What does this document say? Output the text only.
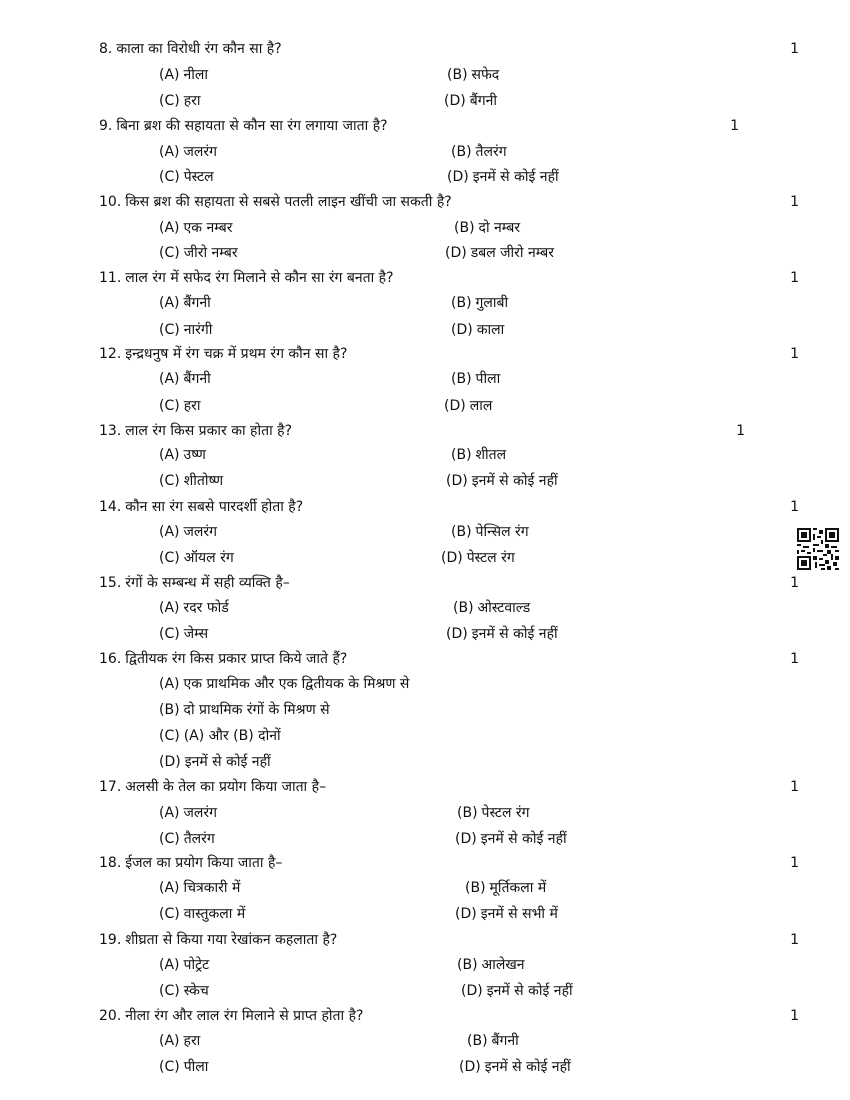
8. काला का विरोधी रंग कौन सा है?	1
(A) नीला	(B) सफेद
(C) हरा	(D) बैंगनी
9. बिना ब्रश की सहायता से कौन सा रंग लगाया जाता है?	1
(A) जलरंग	(B) तैलरंग
(C) पेस्टल	(D) इनमें से कोई नहीं
10. किस ब्रश की सहायता से सबसे पतली लाइन खींची जा सकती है?	1
(A) एक नम्बर	(B) दो नम्बर
(C) जीरो नम्बर	(D) डबल जीरो नम्बर
11. लाल रंग में सफेद रंग मिलाने से कौन सा रंग बनता है?	1
(A) बैंगनी	(B) गुलाबी
(C) नारंगी	(D) काला
12. इन्द्रधनुष में रंग चक्र में प्रथम रंग कौन सा है?	1
(A) बैंगनी	(B) पीला
(C) हरा	(D) लाल
13. लाल रंग किस प्रकार का होता है?	1
(A) उष्ण	(B) शीतल
(C) शीतोष्ण	(D) इनमें से कोई नहीं
14. कौन सा रंग सबसे पारदर्शी होता है?	1
(A) जलरंग	(B) पेन्सिल रंग
(C) ऑयल रंग	(D) पेस्टल रंग
15. रंगों के सम्बन्ध में सही व्यक्ति है–	1
(A) रदर फोर्ड	(B) ओस्टवाल्ड
(C) जेम्स	(D) इनमें से कोई नहीं
16. द्वितीयक रंग किस प्रकार प्राप्त किये जाते हैं?	1
(A) एक प्राथमिक और एक द्वितीयक के मिश्रण से
(B) दो प्राथमिक रंगों के मिश्रण से
(C) (A) और (B) दोनों
(D) इनमें से कोई नहीं
17. अलसी के तेल का प्रयोग किया जाता है–	1
(A) जलरंग	(B) पेस्टल रंग
(C) तैलरंग	(D) इनमें से कोई नहीं
18. ईजल का प्रयोग किया जाता है–	1
(A) चित्रकारी में	(B) मूर्तिकला में
(C) वास्तुकला में	(D) इनमें से सभी में
19. शीघ्रता से किया गया रेखांकन कहलाता है?	1
(A) पोट्रेट	(B) आलेखन
(C) स्केच	(D) इनमें से कोई नहीं
20. नीला रंग और लाल रंग मिलाने से प्राप्त होता है?	1
(A) हरा	(B) बैंगनी
(C) पीला	(D) इनमें से कोई नहीं
